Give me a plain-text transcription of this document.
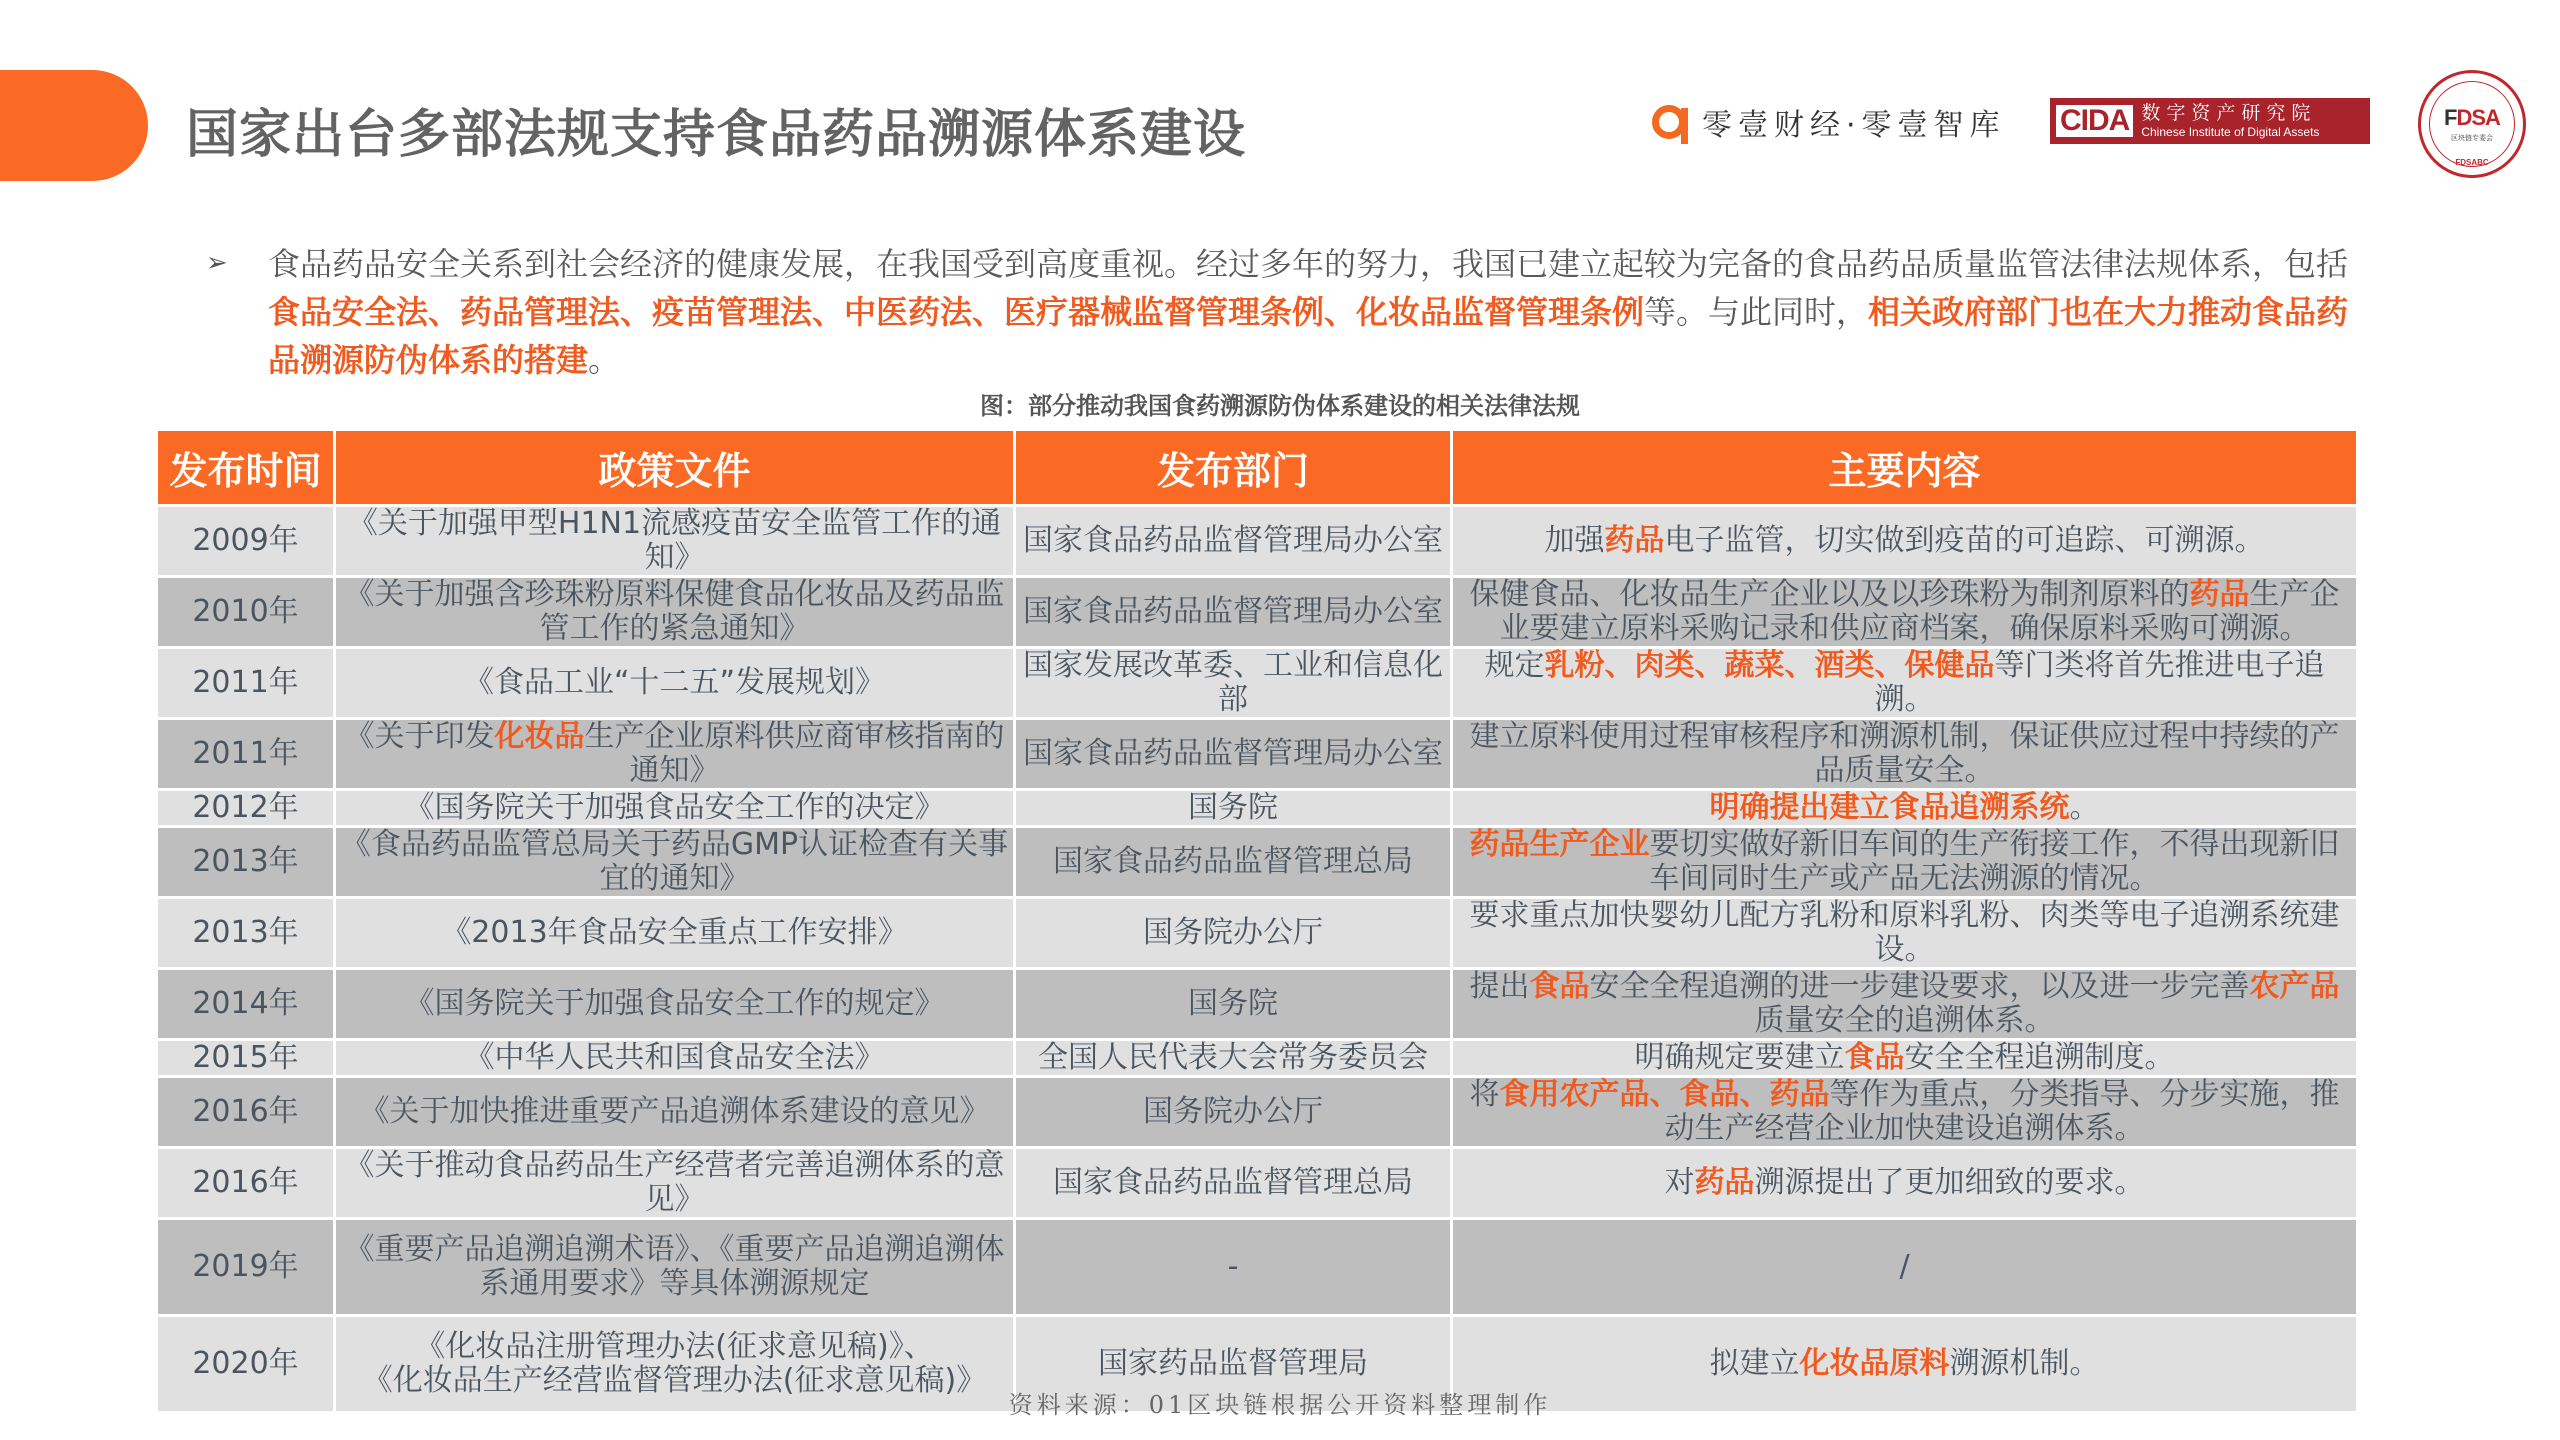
国家出台多部法规支持食品药品溯源体系建设	零壹财经·零壹智库 CIDA 数字资产研究院
Chinese Institute of Digital Assets
FDSA
区块链专委会
·FDSABC·
➢ 食品药品安全关系到社会经济的健康发展，在我国受到高度重视。经过多年的努力，我国已建立起较为完备的食品药品质量监管法律法规体系，包括食品安全法、药品管理法、疫苗管理法、中医药法、医疗器械监督管理条例、化妆品监督管理条例等。与此同时，相关政府部门也在大力推动食品药品溯源防伪体系的搭建。
图：部分推动我国食药溯源防伪体系建设的相关法律法规
发布时间	政策文件	发布部门	主要内容
2009年	《关于加强甲型H1N1流感疫苗安全监管工作的通知》	国家食品药品监督管理局办公室	加强药品电子监管，切实做到疫苗的可追踪、可溯源。
2010年	《关于加强含珍珠粉原料保健食品化妆品及药品监管工作的紧急通知》	国家食品药品监督管理局办公室	保健食品、化妆品生产企业以及以珍珠粉为制剂原料的药品生产企业要建立原料采购记录和供应商档案，确保原料采购可溯源。
2011年	《食品工业“十二五”发展规划》	国家发展改革委、工业和信息化部	规定乳粉、肉类、蔬菜、酒类、保健品等门类将首先推进电子追溯。
2011年	《关于印发化妆品生产企业原料供应商审核指南的通知》	国家食品药品监督管理局办公室	建立原料使用过程审核程序和溯源机制，保证供应过程中持续的产品质量安全。
2012年	《国务院关于加强食品安全工作的决定》	国务院	明确提出建立食品追溯系统。
2013年	《食品药品监管总局关于药品GMP认证检查有关事宜的通知》	国家食品药品监督管理总局	药品生产企业要切实做好新旧车间的生产衔接工作，不得出现新旧车间同时生产或产品无法溯源的情况。
2013年	《2013年食品安全重点工作安排》	国务院办公厅	要求重点加快婴幼儿配方乳粉和原料乳粉、肉类等电子追溯系统建设。
2014年	《国务院关于加强食品安全工作的规定》	国务院	提出食品安全全程追溯的进一步建设要求，以及进一步完善农产品质量安全的追溯体系。
2015年	《中华人民共和国食品安全法》	全国人民代表大会常务委员会	明确规定要建立食品安全全程追溯制度。
2016年	《关于加快推进重要产品追溯体系建设的意见》	国务院办公厅	将食用农产品、食品、药品等作为重点，分类指导、分步实施，推动生产经营企业加快建设追溯体系。
2016年	《关于推动食品药品生产经营者完善追溯体系的意见》	国家食品药品监督管理总局	对药品溯源提出了更加细致的要求。
2019年	《重要产品追溯追溯术语》、《重要产品追溯追溯体系通用要求》等具体溯源规定	-	/
2020年	《化妆品注册管理办法(征求意见稿)》、
《化妆品生产经营监督管理办法(征求意见稿)》	国家药品监督管理局	拟建立化妆品原料溯源机制。
资料来源：01区块链根据公开资料整理制作
